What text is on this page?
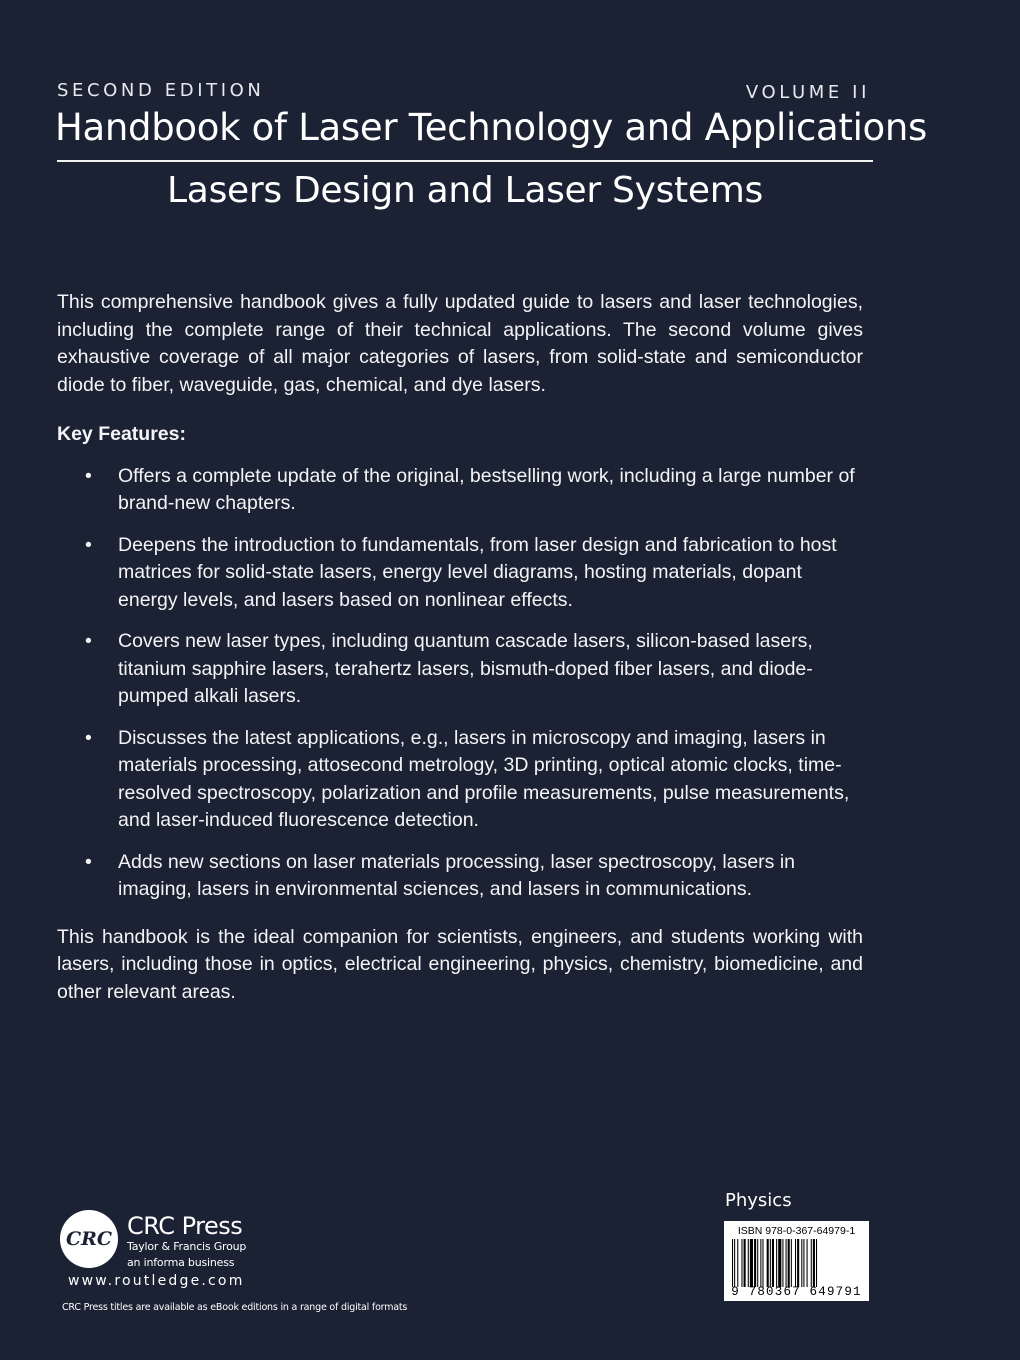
SECOND EDITION	VOLUME II
Handbook of Laser Technology and Applications
Lasers Design and Laser Systems

This comprehensive handbook gives a fully updated guide to lasers and laser technologies, including the complete range of their technical applications. The second volume gives exhaustive coverage of all major categories of lasers, from solid-state and semiconductor diode to fiber, waveguide, gas, chemical, and dye lasers.

Key Features:

• Offers a complete update of the original, bestselling work, including a large number of brand-new chapters.
• Deepens the introduction to fundamentals, from laser design and fabrication to host matrices for solid-state lasers, energy level diagrams, hosting materials, dopant energy levels, and lasers based on nonlinear effects.
• Covers new laser types, including quantum cascade lasers, silicon-based lasers, titanium sapphire lasers, terahertz lasers, bismuth-doped fiber lasers, and diode-pumped alkali lasers.
• Discusses the latest applications, e.g., lasers in microscopy and imaging, lasers in materials processing, attosecond metrology, 3D printing, optical atomic clocks, time-resolved spectroscopy, polarization and profile measurements, pulse measurements, and laser-induced fluorescence detection.
• Adds new sections on laser materials processing, laser spectroscopy, lasers in imaging, lasers in environmental sciences, and lasers in communications.

This handbook is the ideal companion for scientists, engineers, and students working with lasers, including those in optics, electrical engineering, physics, chemistry, biomedicine, and other relevant areas.

CRC CRC Press
Taylor & Francis Group
an informa business
www.routledge.com
CRC Press titles are available as eBook editions in a range of digital formats
Physics
ISBN 978-0-367-64979-1
9 780367 649791
